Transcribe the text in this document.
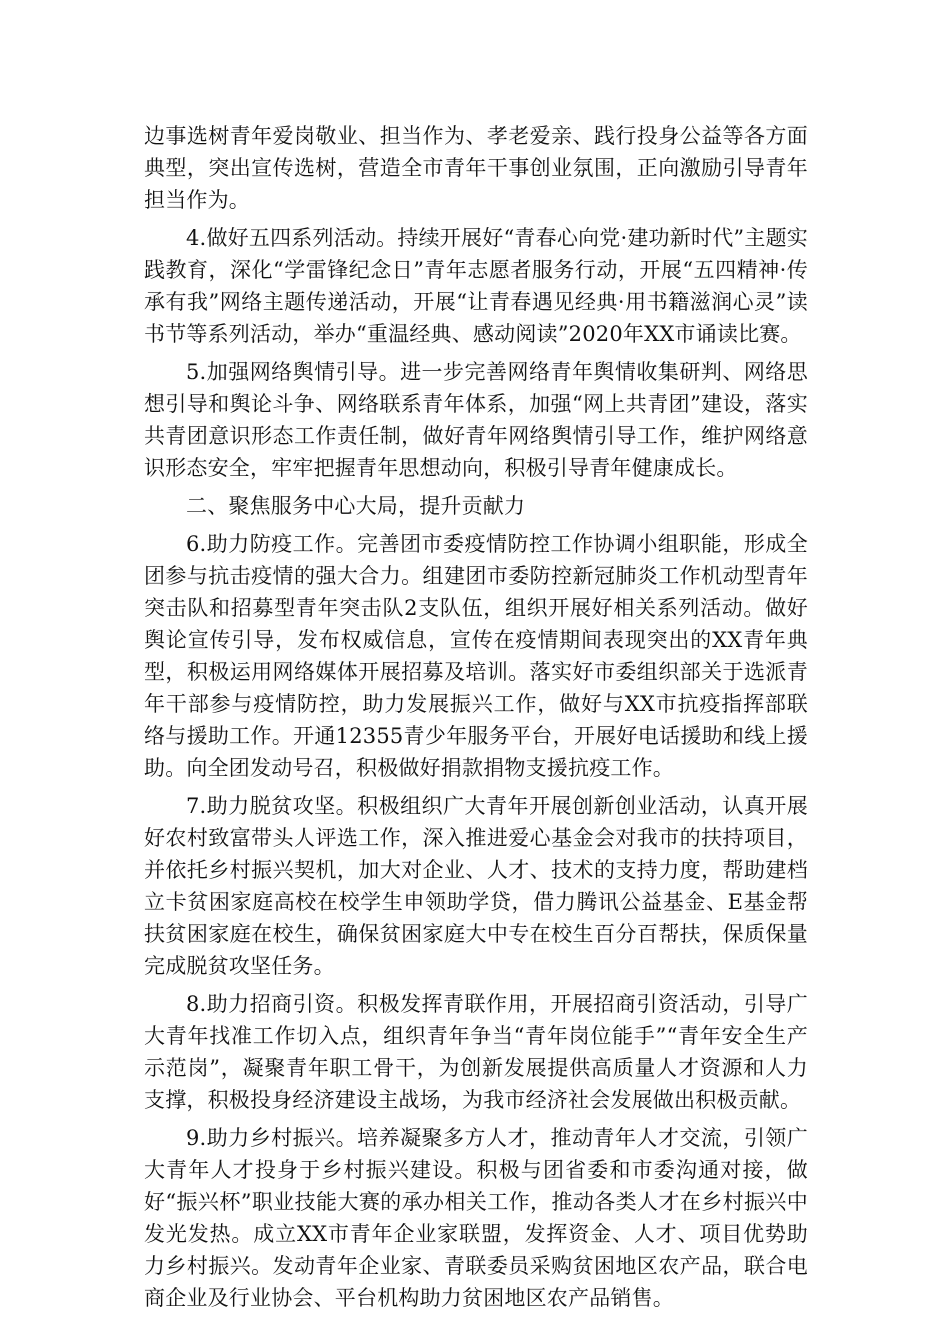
边事选树青年爱岗敬业、担当作为、孝老爱亲、践行投身公益等各方面典型，突出宣传选树，营造全市青年干事创业氛围，正向激励引导青年担当作为。

4.做好五四系列活动。持续开展好“青春心向党·建功新时代”主题实践教育，深化“学雷锋纪念日”青年志愿者服务行动，开展“五四精神·传承有我”网络主题传递活动，开展“让青春遇见经典·用书籍滋润心灵”读书节等系列活动，举办“重温经典、感动阅读”2020年XX市诵读比赛。

5.加强网络舆情引导。进一步完善网络青年舆情收集研判、网络思想引导和舆论斗争、网络联系青年体系，加强“网上共青团”建设，落实共青团意识形态工作责任制，做好青年网络舆情引导工作，维护网络意识形态安全，牢牢把握青年思想动向，积极引导青年健康成长。

二、聚焦服务中心大局，提升贡献力

6.助力防疫工作。完善团市委疫情防控工作协调小组职能，形成全团参与抗击疫情的强大合力。组建团市委防控新冠肺炎工作机动型青年突击队和招募型青年突击队2支队伍，组织开展好相关系列活动。做好舆论宣传引导，发布权威信息，宣传在疫情期间表现突出的XX青年典型，积极运用网络媒体开展招募及培训。落实好市委组织部关于选派青年干部参与疫情防控，助力发展振兴工作，做好与XX市抗疫指挥部联络与援助工作。开通12355青少年服务平台，开展好电话援助和线上援助。向全团发动号召，积极做好捐款捐物支援抗疫工作。

7.助力脱贫攻坚。积极组织广大青年开展创新创业活动，认真开展好农村致富带头人评选工作，深入推进爱心基金会对我市的扶持项目，并依托乡村振兴契机，加大对企业、人才、技术的支持力度，帮助建档立卡贫困家庭高校在校学生申领助学贷，借力腾讯公益基金、E基金帮扶贫困家庭在校生，确保贫困家庭大中专在校生百分百帮扶，保质保量完成脱贫攻坚任务。

8.助力招商引资。积极发挥青联作用，开展招商引资活动，引导广大青年找准工作切入点，组织青年争当“青年岗位能手”“青年安全生产示范岗”，凝聚青年职工骨干，为创新发展提供高质量人才资源和人力支撑，积极投身经济建设主战场，为我市经济社会发展做出积极贡献。

9.助力乡村振兴。培养凝聚多方人才，推动青年人才交流，引领广大青年人才投身于乡村振兴建设。积极与团省委和市委沟通对接，做好“振兴杯”职业技能大赛的承办相关工作，推动各类人才在乡村振兴中发光发热。成立XX市青年企业家联盟，发挥资金、人才、项目优势助力乡村振兴。发动青年企业家、青联委员采购贫困地区农产品，联合电商企业及行业协会、平台机构助力贫困地区农产品销售。
